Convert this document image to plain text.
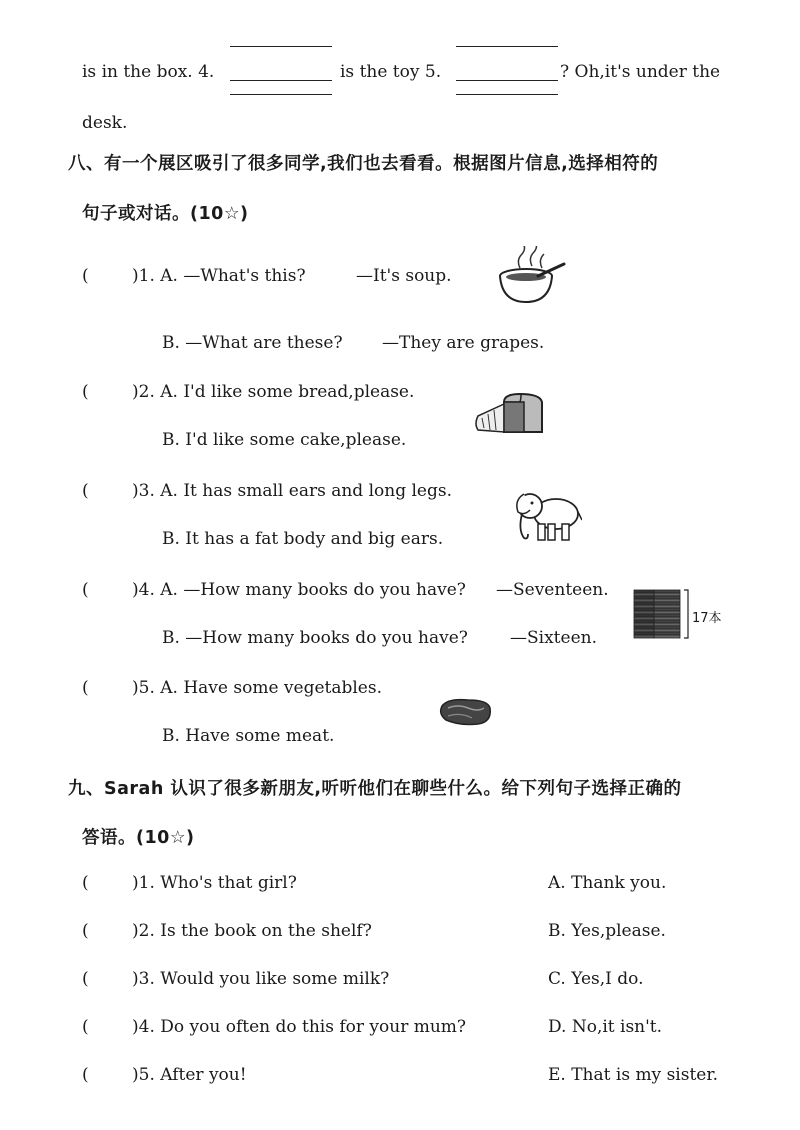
is in the box. 4.	is the toy 5.	? Oh,it's under the
desk.
八、有一个展区吸引了很多同学,我们也去看看。根据图片信息,选择相符的
句子或对话。(10☆)
(	)1. A. —What's this?	—It's soup.
B. —What are these? —They are grapes.
(	)2. A. I'd like some bread,please.
B. I'd like some cake,please.
(	)3. A. It has small ears and long legs.
B. It has a fat body and big ears.
(	)4. A. —How many books do you have? —Seventeen.
B. —How many books do you have? —Sixteen.
17本
(	)5. A. Have some vegetables.
B. Have some meat.
九、Sarah 认识了很多新朋友,听听他们在聊些什么。给下列句子选择正确的
答语。(10☆)
(	)1. Who's that girl?	A. Thank you.
(	)2. Is the book on the shelf?	B. Yes,please.
(	)3. Would you like some milk?	C. Yes,I do.
(	)4. Do you often do this for your mum?	D. No,it isn't.
(	)5. After you!	E. That is my sister.
